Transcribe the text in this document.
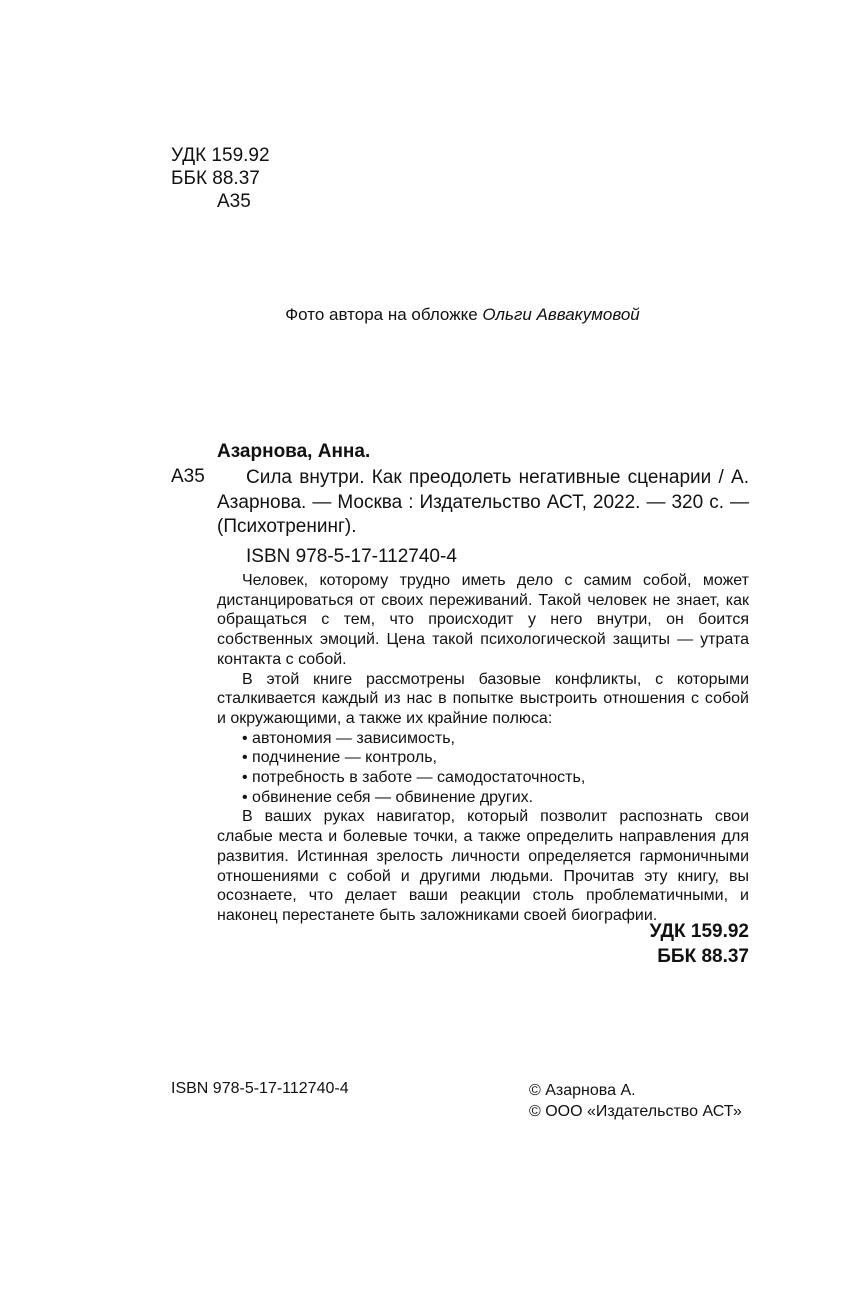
УДК 159.92
ББК 88.37
А35

Фото автора на обложке Ольги Аввакумовой

Азарнова, Анна.
А35	Сила внутри. Как преодолеть негативные сценарии / А. Азарнова. — Москва : Издательство АСТ, 2022. — 320 с. — (Психотренинг).

ISBN 978-5-17-112740-4

Человек, которому трудно иметь дело с самим собой, может дистанцироваться от своих переживаний. Такой человек не знает, как обращаться с тем, что происходит у него внутри, он боится собственных эмоций. Цена такой психологической защиты — утрата контакта с собой.

В этой книге рассмотрены базовые конфликты, с которыми сталкивается каждый из нас в попытке выстроить отношения с собой и окружающими, а также их крайние полюса:

• автономия — зависимость,
• подчинение — контроль,
• потребность в заботе — самодостаточность,
• обвинение себя — обвинение других.

В ваших руках навигатор, который позволит распознать свои слабые места и болевые точки, а также определить направления для развития. Истинная зрелость личности определяется гармоничными отношениями с собой и другими людьми. Прочитав эту книгу, вы осознаете, что делает ваши реакции столь проблематичными, и наконец перестанете быть заложниками своей биографии.

УДК 159.92
ББК 88.37
ISBN 978-5-17-112740-4	© Азарнова А.
© ООО «Издательство АСТ»
